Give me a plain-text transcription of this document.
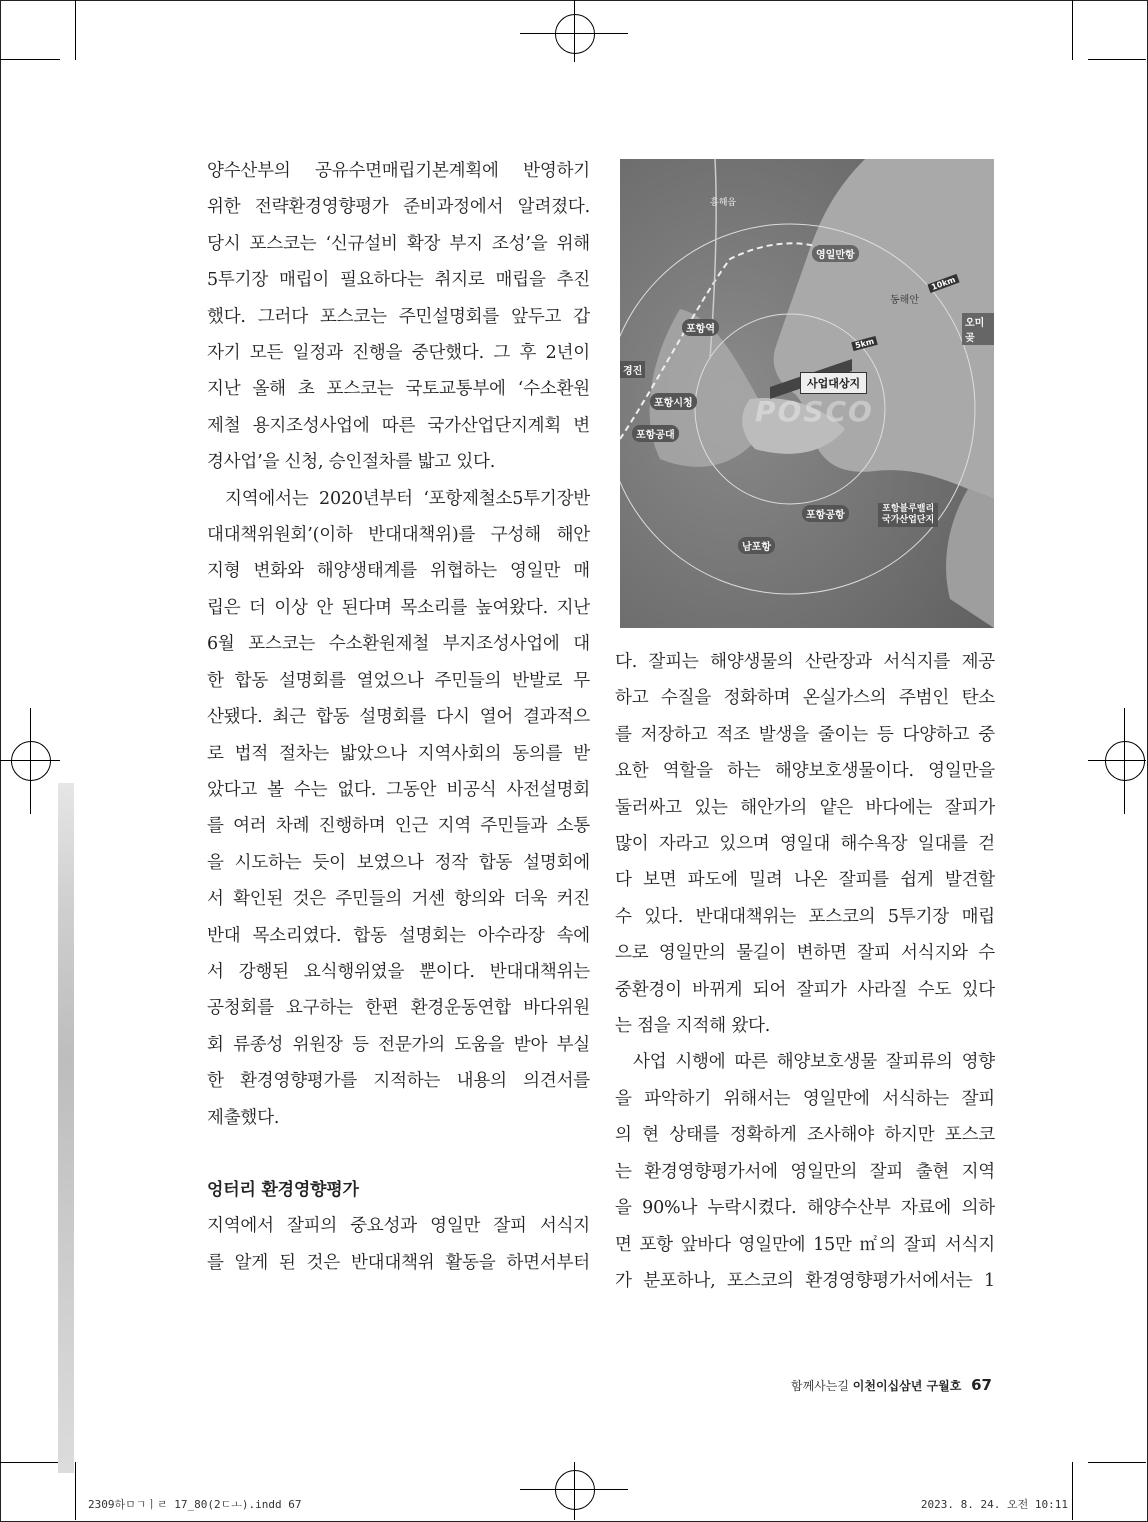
양수산부의 공유수면매립기본계획에 반영하기

위한 전략환경영향평가 준비과정에서 알려졌다.

당시 포스코는 ‘신규설비 확장 부지 조성’을 위해

5투기장 매립이 필요하다는 취지로 매립을 추진

했다. 그러다 포스코는 주민설명회를 앞두고 갑

자기 모든 일정과 진행을 중단했다. 그 후 2년이

지난 올해 초 포스코는 국토교통부에 ‘수소환원

제철 용지조성사업에 따른 국가산업단지계획 변

경사업’을 신청, 승인절차를 밟고 있다.

지역에서는 2020년부터 ‘포항제철소5투기장반

대대책위원회’(이하 반대대책위)를 구성해 해안

지형 변화와 해양생태계를 위협하는 영일만 매

립은 더 이상 안 된다며 목소리를 높여왔다. 지난

6월 포스코는 수소환원제철 부지조성사업에 대

한 합동 설명회를 열었으나 주민들의 반발로 무

산됐다. 최근 합동 설명회를 다시 열어 결과적으

로 법적 절차는 밟았으나 지역사회의 동의를 받

았다고 볼 수는 없다. 그동안 비공식 사전설명회

를 여러 차례 진행하며 인근 지역 주민들과 소통

을 시도하는 듯이 보였으나 정작 합동 설명회에

서 확인된 것은 주민들의 거센 항의와 더욱 커진

반대 목소리였다. 합동 설명회는 아수라장 속에

서 강행된 요식행위였을 뿐이다. 반대대책위는

공청회를 요구하는 한편 환경운동연합 바다위원

회 류종성 위원장 등 전문가의 도움을 받아 부실

한 환경영향평가를 지적하는 내용의 의견서를

제출했다.

엉터리 환경영향평가

지역에서 잘피의 중요성과 영일만 잘피 서식지

를 알게 된 것은 반대대책위 활동을 하면서부터

흥해읍
영일만항
10km
동해안
오미곶
포항역
5km
사업대상지
POSCO
경진
포항시청
포항공대
포항공항
포항블루밸리
국가산업단지
남포항

다. 잘피는 해양생물의 산란장과 서식지를 제공

하고 수질을 정화하며 온실가스의 주범인 탄소

를 저장하고 적조 발생을 줄이는 등 다양하고 중

요한 역할을 하는 해양보호생물이다. 영일만을

둘러싸고 있는 해안가의 얕은 바다에는 잘피가

많이 자라고 있으며 영일대 해수욕장 일대를 걷

다 보면 파도에 밀려 나온 잘피를 쉽게 발견할

수 있다. 반대대책위는 포스코의 5투기장 매립

으로 영일만의 물길이 변하면 잘피 서식지와 수

중환경이 바뀌게 되어 잘피가 사라질 수도 있다

는 점을 지적해 왔다.

사업 시행에 따른 해양보호생물 잘피류의 영향

을 파악하기 위해서는 영일만에 서식하는 잘피

의 현 상태를 정확하게 조사해야 하지만 포스코

는 환경영향평가서에 영일만의 잘피 출현 지역

을 90%나 누락시켰다. 해양수산부 자료에 의하

면 포항 앞바다 영일만에 15만 ㎡의 잘피 서식지

가 분포하나, 포스코의 환경영향평가서에서는 1

함께사는길 이천이십삼년 구월호 67
2309하ㅁㄱㅣㄹ 17_80(2ㄷㅗ).indd 67	2023. 8. 24. 오전 10:11
